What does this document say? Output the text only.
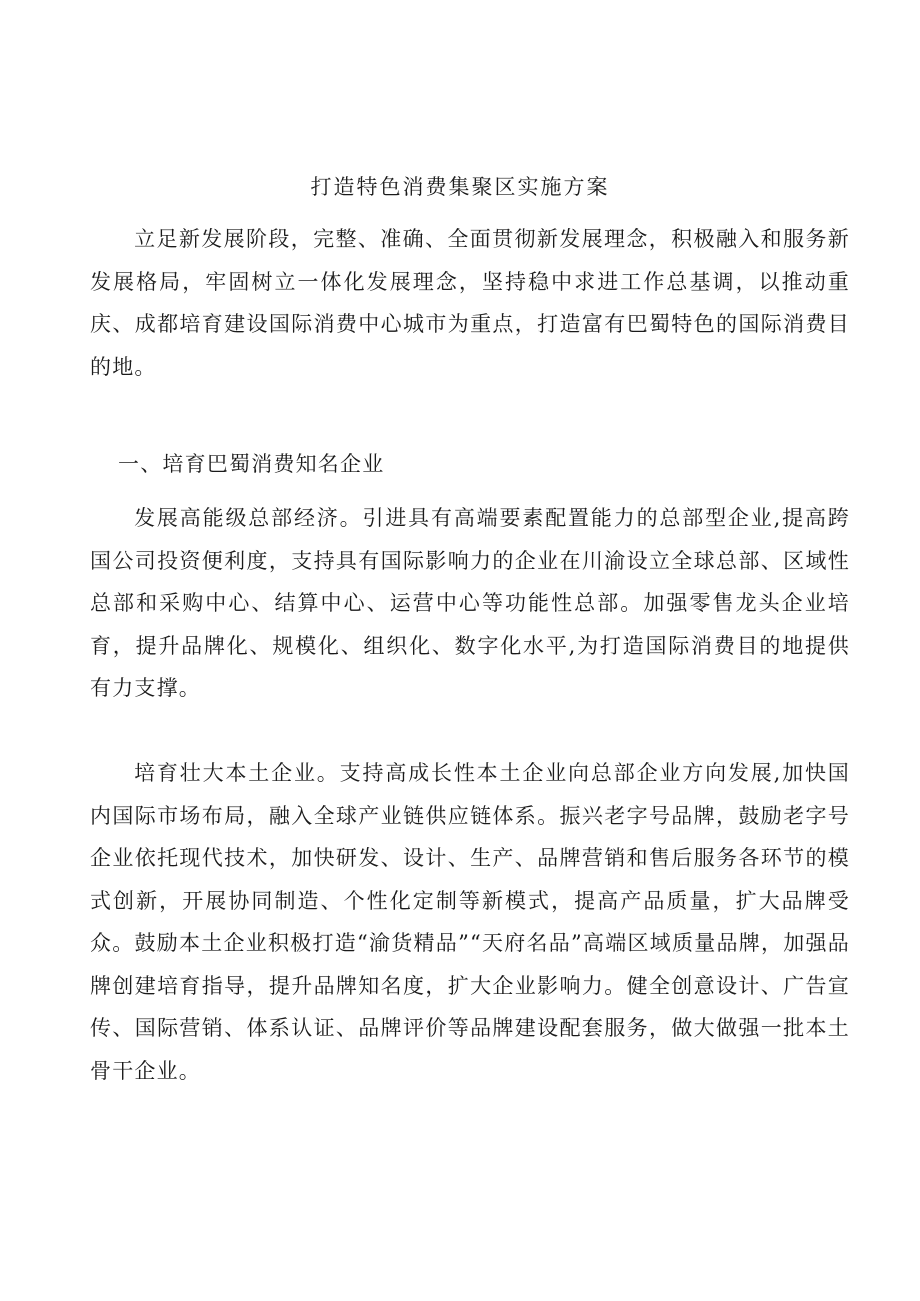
打造特色消费集聚区实施方案

立足新发展阶段，完整、准确、全面贯彻新发展理念，积极融入和服务新发展格局，牢固树立一体化发展理念，坚持稳中求进工作总基调，以推动重庆、成都培育建设国际消费中心城市为重点，打造富有巴蜀特色的国际消费目的地。

一、培育巴蜀消费知名企业

发展高能级总部经济。引进具有高端要素配置能力的总部型企业,提高跨国公司投资便利度，支持具有国际影响力的企业在川渝设立全球总部、区域性总部和采购中心、结算中心、运营中心等功能性总部。加强零售龙头企业培育，提升品牌化、规模化、组织化、数字化水平,为打造国际消费目的地提供有力支撑。

培育壮大本土企业。支持高成长性本土企业向总部企业方向发展,加快国内国际市场布局，融入全球产业链供应链体系。振兴老字号品牌，鼓励老字号企业依托现代技术，加快研发、设计、生产、品牌营销和售后服务各环节的模式创新，开展协同制造、个性化定制等新模式，提高产品质量，扩大品牌受众。鼓励本土企业积极打造“渝货精品”“天府名品”高端区域质量品牌，加强品牌创建培育指导，提升品牌知名度，扩大企业影响力。健全创意设计、广告宣传、国际营销、体系认证、品牌评价等品牌建设配套服务，做大做强一批本土骨干企业。
